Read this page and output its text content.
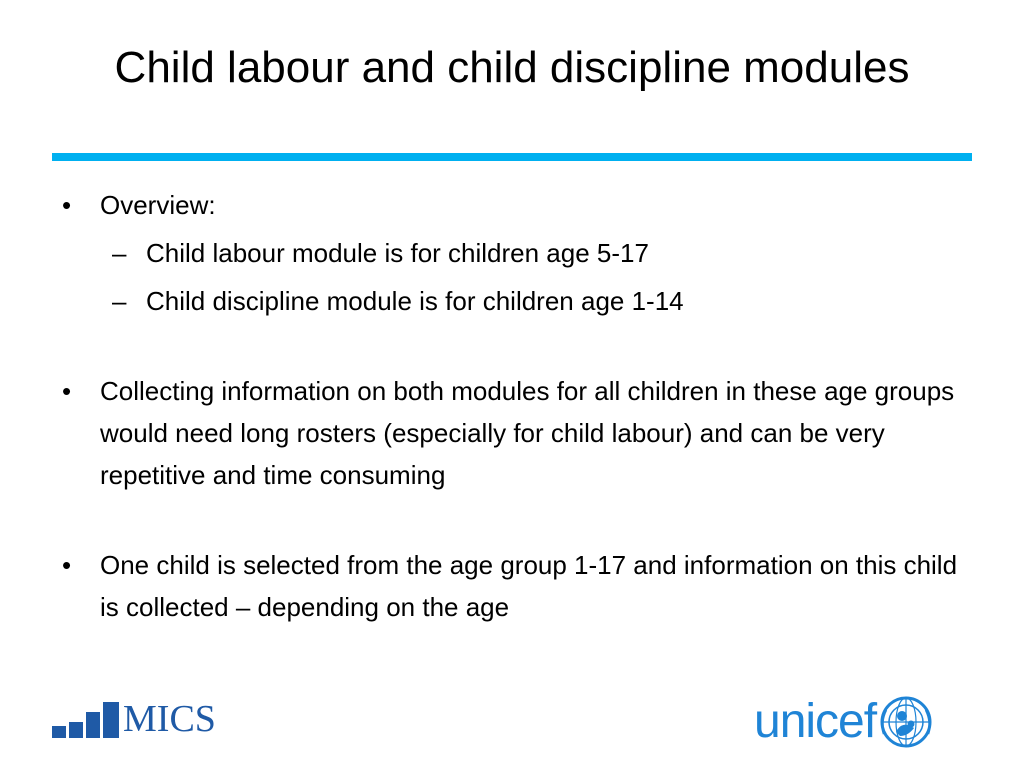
Child labour and child discipline modules
•	Overview:
– Child labour module is for children age 5-17
– Child discipline module is for children age 1-14
•	Collecting information on both modules for all children in these age groups would need long rosters (especially for child labour) and can be very repetitive and time consuming
•	One child is selected from the age group 1-17 and information on this child is collected – depending on the age
MICS	unicef
